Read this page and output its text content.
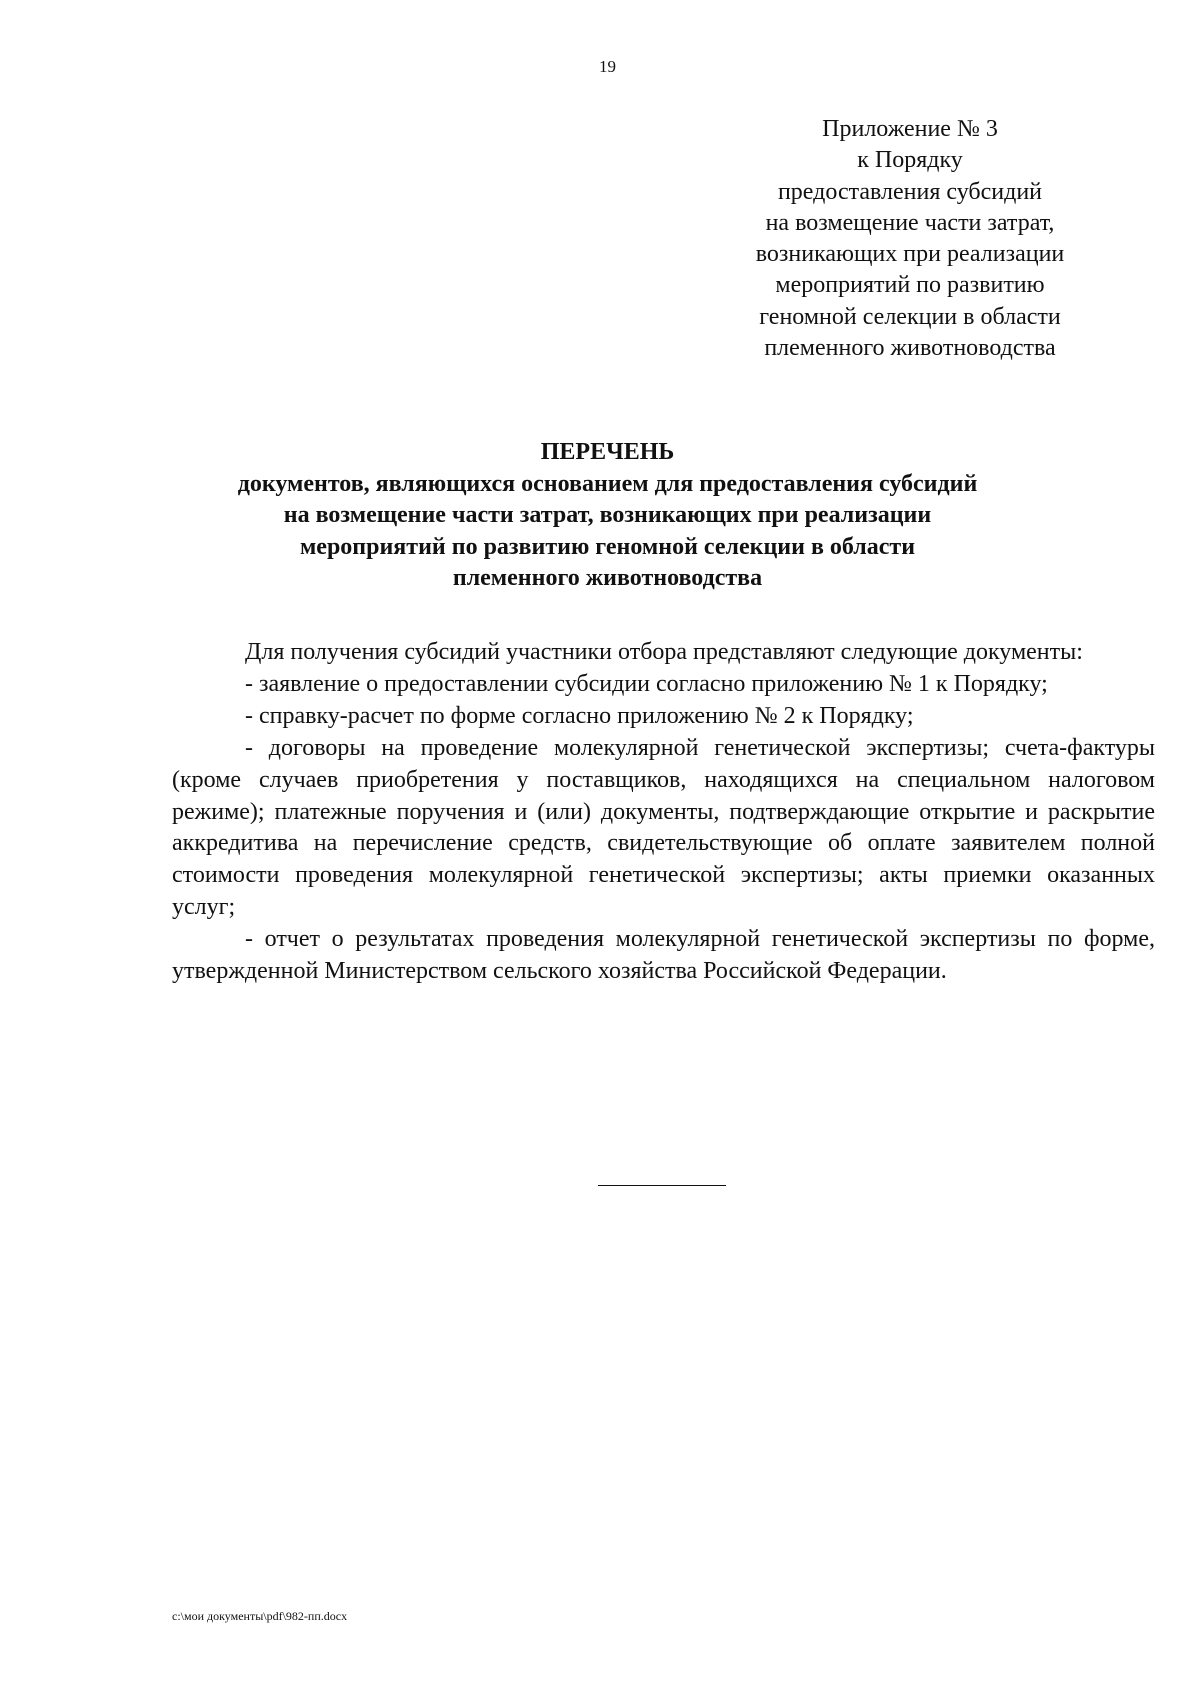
19
Приложение № 3
к Порядку
предоставления субсидий
на возмещение части затрат,
возникающих при реализации
мероприятий по развитию
геномной селекции в области
племенного животноводства
ПЕРЕЧЕНЬ
документов, являющихся основанием для предоставления субсидий
на возмещение части затрат, возникающих при реализации
мероприятий по развитию геномной селекции в области
племенного животноводства

Для получения субсидий участники отбора представляют следующие документы:

- заявление о предоставлении субсидии согласно приложению № 1 к Порядку;

- справку-расчет по форме согласно приложению № 2 к Порядку;

- договоры на проведение молекулярной генетической экспертизы; счета-фактуры (кроме случаев приобретения у поставщиков, находящихся на специальном налоговом режиме); платежные поручения и (или) документы, подтверждающие открытие и раскрытие аккредитива на перечисление средств, свидетельствующие об оплате заявителем полной стоимости проведения молекулярной генетической экспертизы; акты приемки оказанных услуг;

- отчет о результатах проведения молекулярной генетической экспертизы по форме, утвержденной Министерством сельского хозяйства Российской Федерации.

c:\мои документы\pdf\982-пп.docx
